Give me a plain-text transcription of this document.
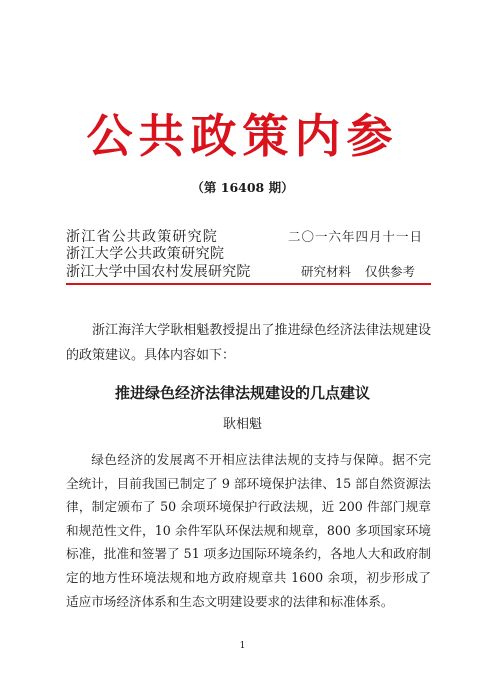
公共政策内参
（第 16408 期）
浙江省公共政策研究院
浙江大学公共政策研究院
浙江大学中国农村发展研究院
二〇一六年四月十一日
研究材料 仅供参考
浙江海洋大学耿相魁教授提出了推进绿色经济法律法规建设的政策建议。具体内容如下：
推进绿色经济法律法规建设的几点建议
耿相魁
绿色经济的发展离不开相应法律法规的支持与保障。据不完全统计，目前我国已制定了 9 部环境保护法律、15 部自然资源法律，制定颁布了 50 余项环境保护行政法规，近 200 件部门规章和规范性文件，10 余件军队环保法规和规章，800 多项国家环境标准，批准和签署了 51 项多边国际环境条约，各地人大和政府制定的地方性环境法规和地方政府规章共 1600 余项，初步形成了适应市场经济体系和生态文明建设要求的法律和标准体系。
1
